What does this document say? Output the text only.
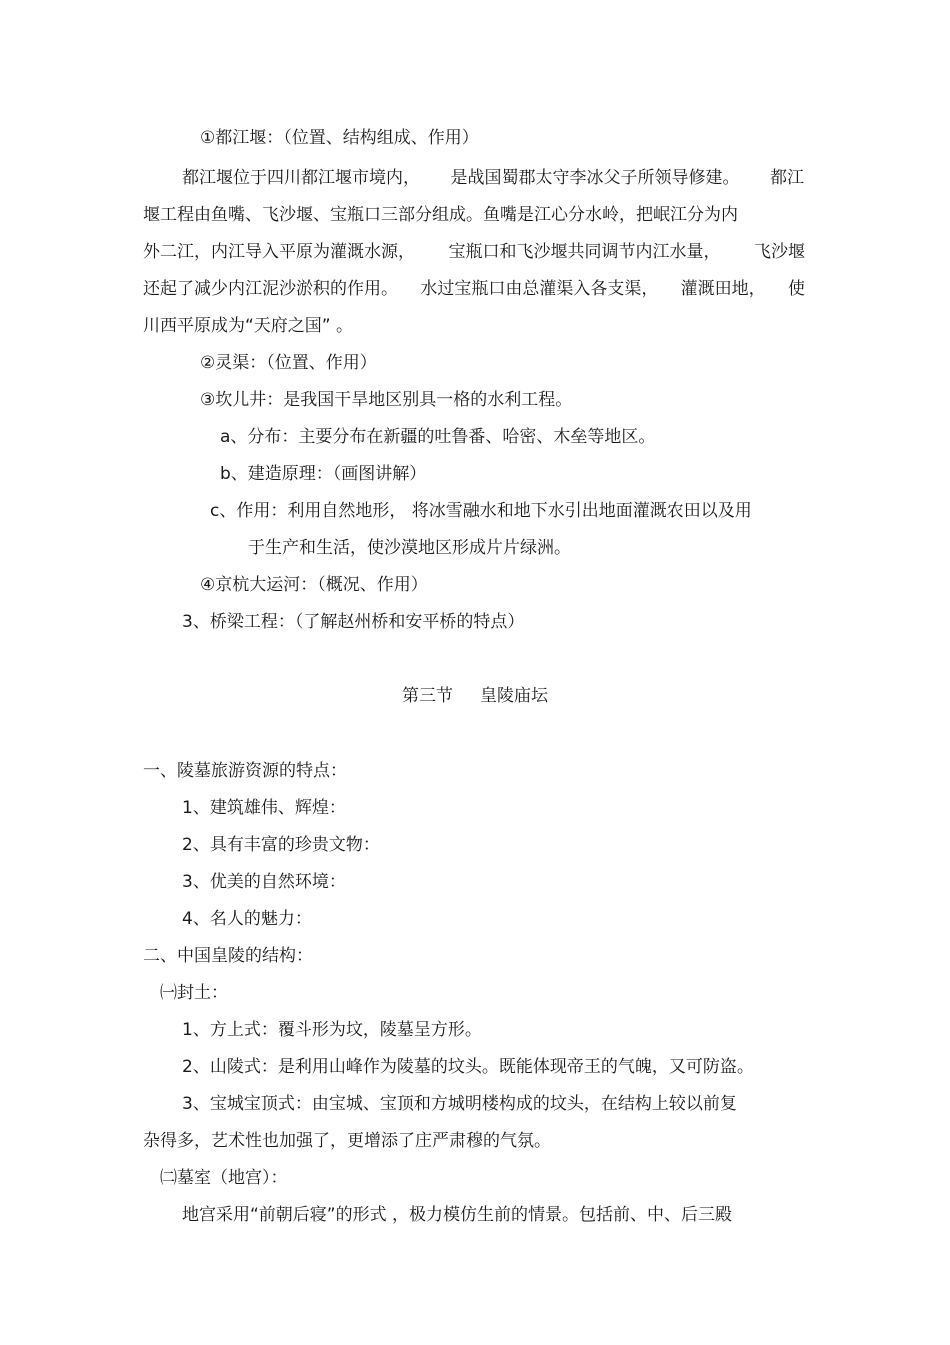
①都江堰：（位置、结构组成、作用）
都江堰位于四川都江堰市境内， 是战国蜀郡太守李冰父子所领导修建。 都江
堰工程由鱼嘴、飞沙堰、宝瓶口三部分组成。鱼嘴是江心分水岭，把岷江分为内
外二江，内江导入平原为灌溉水源， 宝瓶口和飞沙堰共同调节内江水量， 飞沙堰
还起了减少内江泥沙淤积的作用。 水过宝瓶口由总灌渠入各支渠， 灌溉田地， 使
川西平原成为“天府之国” 。
②灵渠：（位置、作用）
③坎儿井：是我国干旱地区别具一格的水利工程。
a、分布：主要分布在新疆的吐鲁番、哈密、木垒等地区。
b、建造原理：（画图讲解）
c、作用：利用自然地形， 将冰雪融水和地下水引出地面灌溉农田以及用
于生产和生活，使沙漠地区形成片片绿洲。
④京杭大运河：（概况、作用）
3、桥梁工程：（了解赵州桥和安平桥的特点）
第三节     皇陵庙坛
一、陵墓旅游资源的特点：
1、建筑雄伟、辉煌：
2、具有丰富的珍贵文物：
3、优美的自然环境：
4、名人的魅力：
二、中国皇陵的结构：
㈠封土：
1、方上式：覆斗形为坟，陵墓呈方形。
2、山陵式：是利用山峰作为陵墓的坟头。既能体现帝王的气魄，又可防盗。
3、宝城宝顶式：由宝城、宝顶和方城明楼构成的坟头，在结构上较以前复
杂得多，艺术性也加强了，更增添了庄严肃穆的气氛。
㈡墓室（地宫）：
地宫采用“前朝后寝”的形式 ，极力模仿生前的情景。包括前、中、后三殿
